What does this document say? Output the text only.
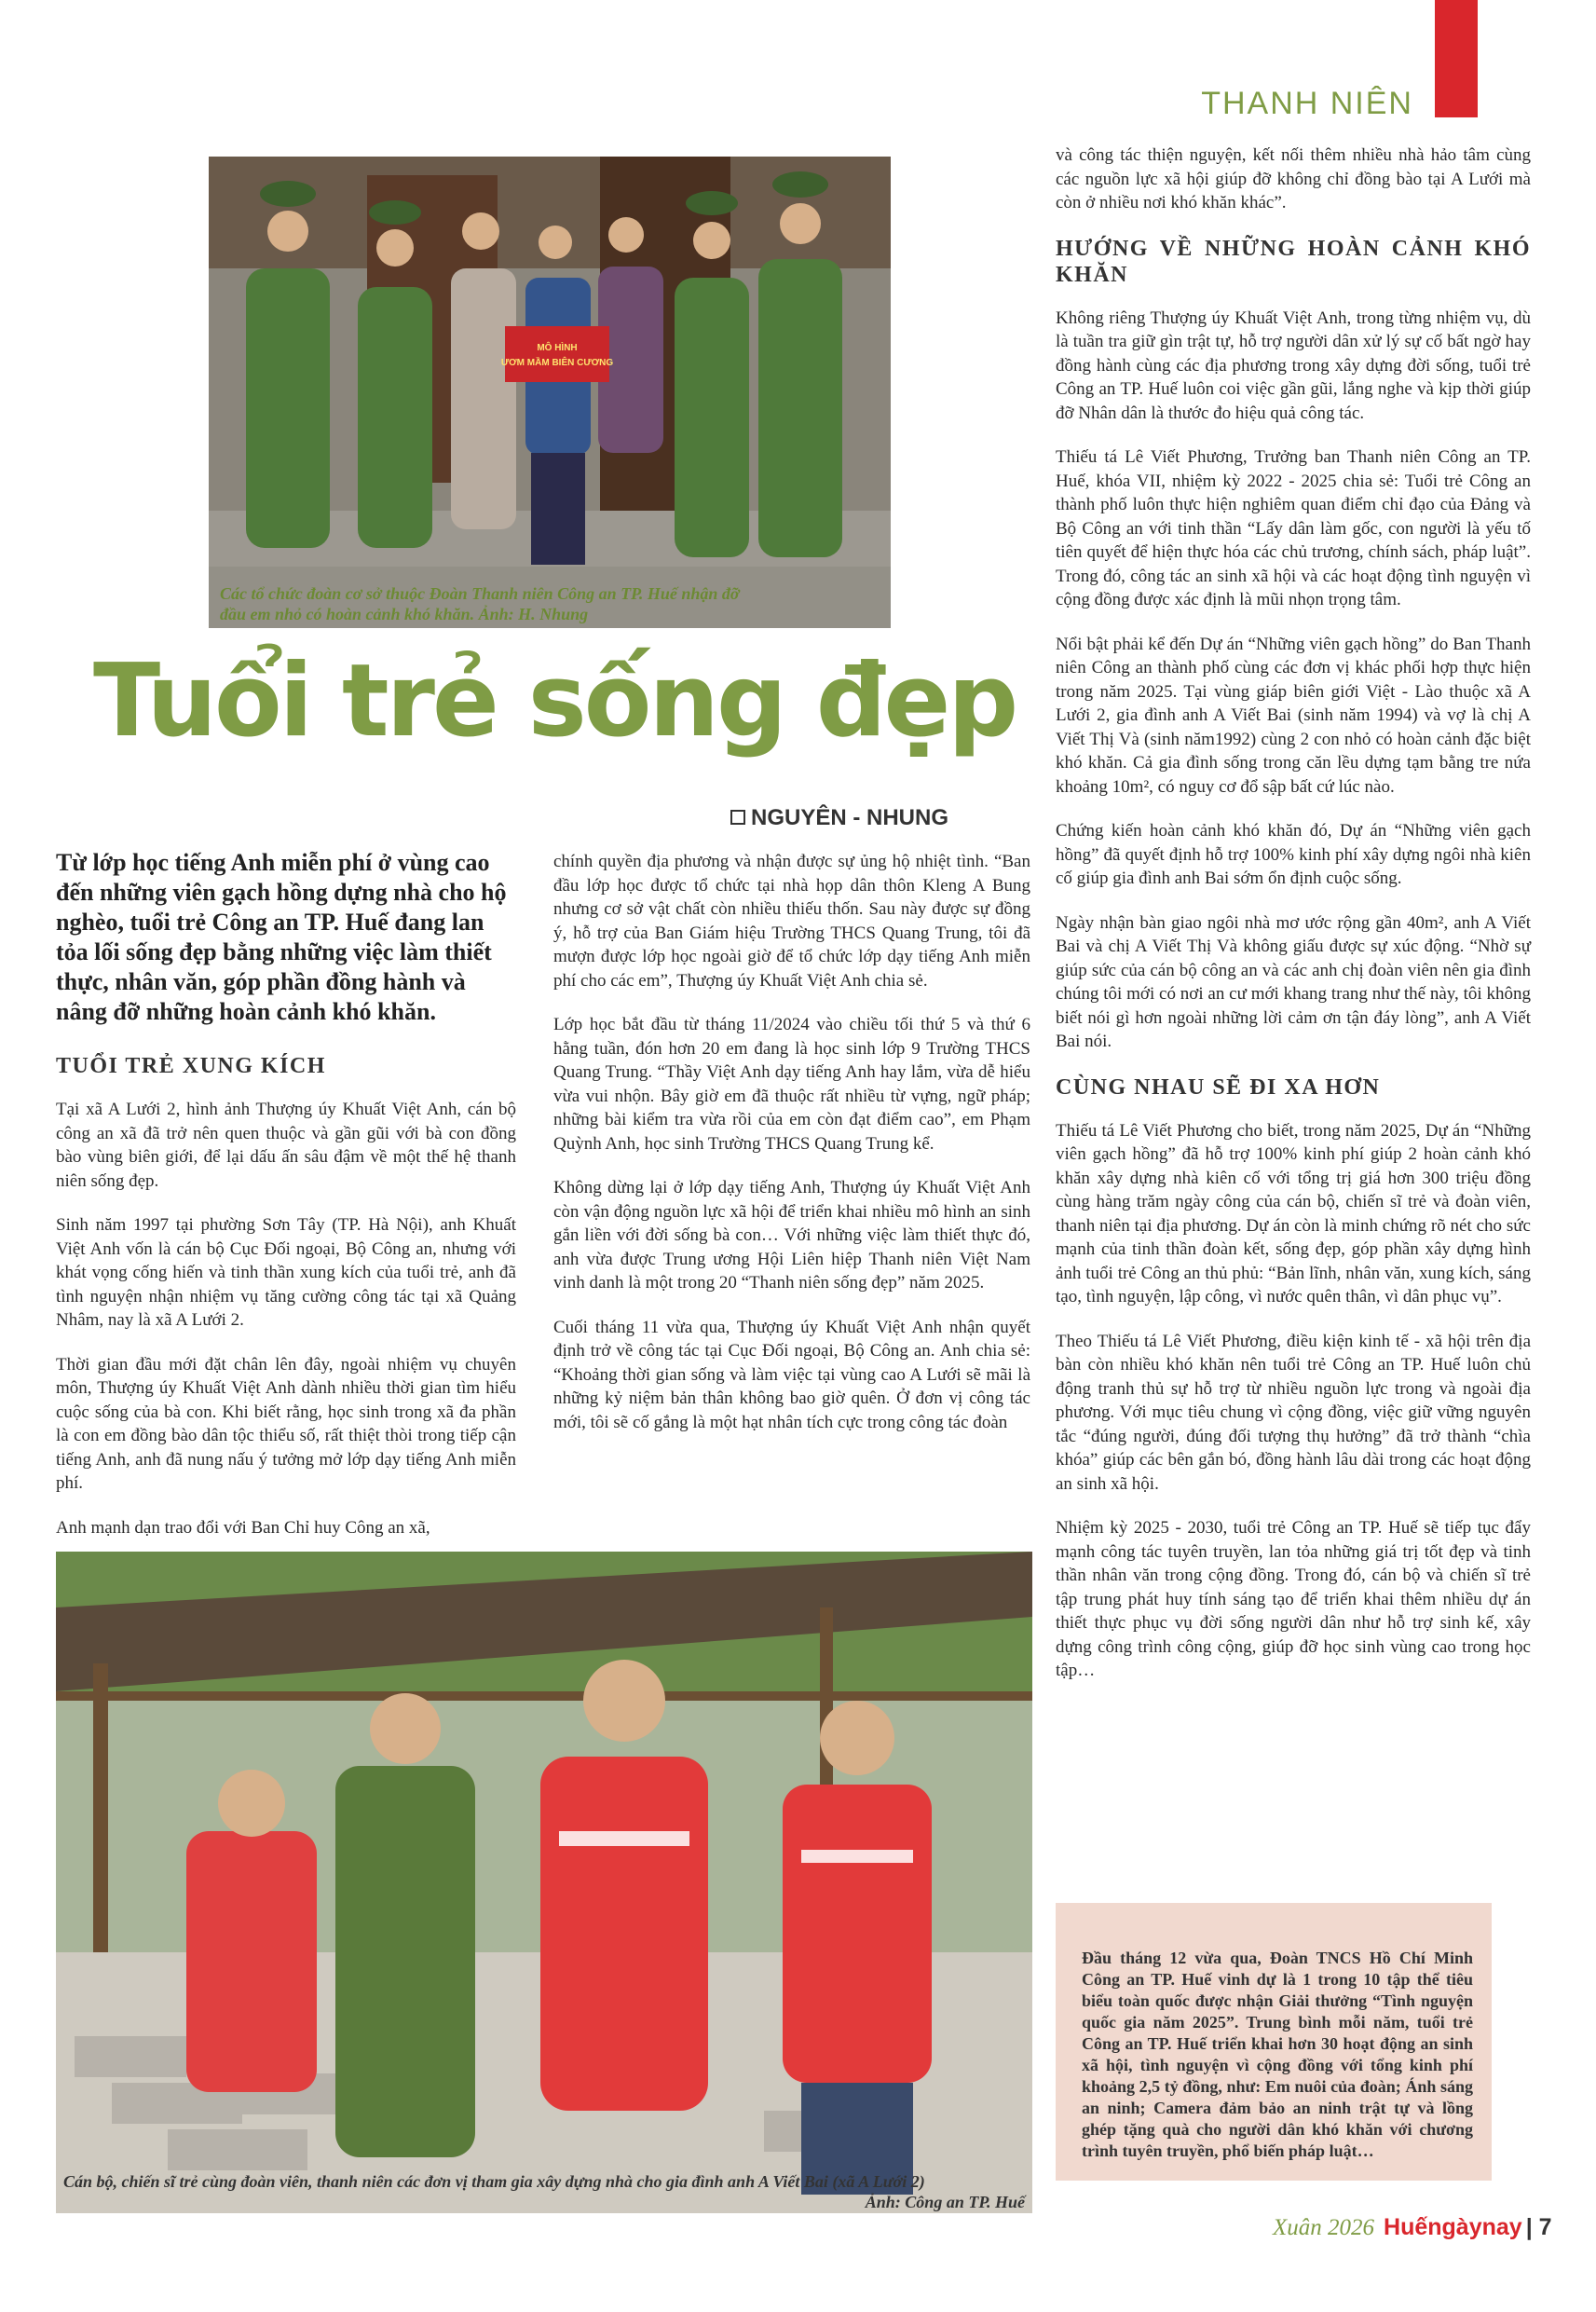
THANH NIÊN
MÔ HÌNH
ƯƠM MẦM BIÊN CƯƠNG
Các tổ chức đoàn cơ sở thuộc Đoàn Thanh niên Công an TP. Huế nhận đỡ đầu em nhỏ có hoàn cảnh khó khăn. Ảnh: H. Nhung
Tuổi trẻ sống đẹp
NGUYÊN - NHUNG
Từ lớp học tiếng Anh miễn phí ở vùng cao đến những viên gạch hồng dựng nhà cho hộ nghèo, tuổi trẻ Công an TP. Huế đang lan tỏa lối sống đẹp bằng những việc làm thiết thực, nhân văn, góp phần đồng hành và nâng đỡ những hoàn cảnh khó khăn.
TUỔI TRẺ XUNG KÍCH

Tại xã A Lưới 2, hình ảnh Thượng úy Khuất Việt Anh, cán bộ công an xã đã trở nên quen thuộc và gần gũi với bà con đồng bào vùng biên giới, để lại dấu ấn sâu đậm về một thế hệ thanh niên sống đẹp.

Sinh năm 1997 tại phường Sơn Tây (TP. Hà Nội), anh Khuất Việt Anh vốn là cán bộ Cục Đối ngoại, Bộ Công an, nhưng với khát vọng cống hiến và tinh thần xung kích của tuổi trẻ, anh đã tình nguyện nhận nhiệm vụ tăng cường công tác tại xã Quảng Nhâm, nay là xã A Lưới 2.

Thời gian đầu mới đặt chân lên đây, ngoài nhiệm vụ chuyên môn, Thượng úy Khuất Việt Anh dành nhiều thời gian tìm hiểu cuộc sống của bà con. Khi biết rằng, học sinh trong xã đa phần là con em đồng bào dân tộc thiểu số, rất thiệt thòi trong tiếp cận tiếng Anh, anh đã nung nấu ý tưởng mở lớp dạy tiếng Anh miễn phí.

Anh mạnh dạn trao đổi với Ban Chỉ huy Công an xã,

chính quyền địa phương và nhận được sự ủng hộ nhiệt tình. “Ban đầu lớp học được tổ chức tại nhà họp dân thôn Kleng A Bung nhưng cơ sở vật chất còn nhiều thiếu thốn. Sau này được sự đồng ý, hỗ trợ của Ban Giám hiệu Trường THCS Quang Trung, tôi đã mượn được lớp học ngoài giờ để tổ chức lớp dạy tiếng Anh miễn phí cho các em”, Thượng úy Khuất Việt Anh chia sẻ.

Lớp học bắt đầu từ tháng 11/2024 vào chiều tối thứ 5 và thứ 6 hằng tuần, đón hơn 20 em đang là học sinh lớp 9 Trường THCS Quang Trung. “Thầy Việt Anh dạy tiếng Anh hay lắm, vừa dễ hiểu vừa vui nhộn. Bây giờ em đã thuộc rất nhiều từ vựng, ngữ pháp; những bài kiểm tra vừa rồi của em còn đạt điểm cao”, em Phạm Quỳnh Anh, học sinh Trường THCS Quang Trung kể.

Không dừng lại ở lớp dạy tiếng Anh, Thượng úy Khuất Việt Anh còn vận động nguồn lực xã hội để triển khai nhiều mô hình an sinh gắn liền với đời sống bà con… Với những việc làm thiết thực đó, anh vừa được Trung ương Hội Liên hiệp Thanh niên Việt Nam vinh danh là một trong 20 “Thanh niên sống đẹp” năm 2025.

Cuối tháng 11 vừa qua, Thượng úy Khuất Việt Anh nhận quyết định trở về công tác tại Cục Đối ngoại, Bộ Công an. Anh chia sẻ: “Khoảng thời gian sống và làm việc tại vùng cao A Lưới sẽ mãi là những kỷ niệm bản thân không bao giờ quên. Ở đơn vị công tác mới, tôi sẽ cố gắng là một hạt nhân tích cực trong công tác đoàn

và công tác thiện nguyện, kết nối thêm nhiều nhà hảo tâm cùng các nguồn lực xã hội giúp đỡ không chỉ đồng bào tại A Lưới mà còn ở nhiều nơi khó khăn khác”.

HƯỚNG VỀ NHỮNG HOÀN CẢNH KHÓ KHĂN

Không riêng Thượng úy Khuất Việt Anh, trong từng nhiệm vụ, dù là tuần tra giữ gìn trật tự, hỗ trợ người dân xử lý sự cố bất ngờ hay đồng hành cùng các địa phương trong xây dựng đời sống, tuổi trẻ Công an TP. Huế luôn coi việc gần gũi, lắng nghe và kịp thời giúp đỡ Nhân dân là thước đo hiệu quả công tác.

Thiếu tá Lê Viết Phương, Trưởng ban Thanh niên Công an TP. Huế, khóa VII, nhiệm kỳ 2022 - 2025 chia sẻ: Tuổi trẻ Công an thành phố luôn thực hiện nghiêm quan điểm chỉ đạo của Đảng và Bộ Công an với tinh thần “Lấy dân làm gốc, con người là yếu tố tiên quyết để hiện thực hóa các chủ trương, chính sách, pháp luật”. Trong đó, công tác an sinh xã hội và các hoạt động tình nguyện vì cộng đồng được xác định là mũi nhọn trọng tâm.

Nổi bật phải kể đến Dự án “Những viên gạch hồng” do Ban Thanh niên Công an thành phố cùng các đơn vị khác phối hợp thực hiện trong năm 2025. Tại vùng giáp biên giới Việt - Lào thuộc xã A Lưới 2, gia đình anh A Viết Bai (sinh năm 1994) và vợ là chị A Viết Thị Và (sinh năm1992) cùng 2 con nhỏ có hoàn cảnh đặc biệt khó khăn. Cả gia đình sống trong căn lều dựng tạm bằng tre nứa khoảng 10m², có nguy cơ đổ sập bất cứ lúc nào.

Chứng kiến hoàn cảnh khó khăn đó, Dự án “Những viên gạch hồng” đã quyết định hỗ trợ 100% kinh phí xây dựng ngôi nhà kiên cố giúp gia đình anh Bai sớm ổn định cuộc sống.

Ngày nhận bàn giao ngôi nhà mơ ước rộng gần 40m², anh A Viết Bai và chị A Viết Thị Và không giấu được sự xúc động. “Nhờ sự giúp sức của cán bộ công an và các anh chị đoàn viên nên gia đình chúng tôi mới có nơi an cư mới khang trang như thế này, tôi không biết nói gì hơn ngoài những lời cảm ơn tận đáy lòng”, anh A Viết Bai nói.

CÙNG NHAU SẼ ĐI XA HƠN

Thiếu tá Lê Viết Phương cho biết, trong năm 2025, Dự án “Những viên gạch hồng” đã hỗ trợ 100% kinh phí giúp 2 hoàn cảnh khó khăn xây dựng nhà kiên cố với tổng trị giá hơn 300 triệu đồng cùng hàng trăm ngày công của cán bộ, chiến sĩ trẻ và đoàn viên, thanh niên tại địa phương. Dự án còn là minh chứng rõ nét cho sức mạnh của tinh thần đoàn kết, sống đẹp, góp phần xây dựng hình ảnh tuổi trẻ Công an thủ phủ: “Bản lĩnh, nhân văn, xung kích, sáng tạo, tình nguyện, lập công, vì nước quên thân, vì dân phục vụ”.

Theo Thiếu tá Lê Viết Phương, điều kiện kinh tế - xã hội trên địa bàn còn nhiều khó khăn nên tuổi trẻ Công an TP. Huế luôn chủ động tranh thủ sự hỗ trợ từ nhiều nguồn lực trong và ngoài địa phương. Với mục tiêu chung vì cộng đồng, việc giữ vững nguyên tắc “đúng người, đúng đối tượng thụ hưởng” đã trở thành “chìa khóa” giúp các bên gắn bó, đồng hành lâu dài trong các hoạt động an sinh xã hội.

Nhiệm kỳ 2025 - 2030, tuổi trẻ Công an TP. Huế sẽ tiếp tục đẩy mạnh công tác tuyên truyền, lan tỏa những giá trị tốt đẹp và tinh thần nhân văn trong cộng đồng. Trong đó, cán bộ và chiến sĩ trẻ tập trung phát huy tính sáng tạo để triển khai thêm nhiều dự án thiết thực phục vụ đời sống người dân như hỗ trợ sinh kế, xây dựng công trình công cộng, giúp đỡ học sinh vùng cao trong học tập…

Cán bộ, chiến sĩ trẻ cùng đoàn viên, thanh niên các đơn vị tham gia xây dựng nhà cho gia đình anh A Viết Bai (xã A Lưới 2)
Ảnh: Công an TP. Huế

Đầu tháng 12 vừa qua, Đoàn TNCS Hồ Chí Minh Công an TP. Huế vinh dự là 1 trong 10 tập thể tiêu biểu toàn quốc được nhận Giải thưởng “Tình nguyện quốc gia năm 2025”. Trung bình mỗi năm, tuổi trẻ Công an TP. Huế triển khai hơn 30 hoạt động an sinh xã hội, tình nguyện vì cộng đồng với tổng kinh phí khoảng 2,5 tỷ đồng, như: Em nuôi của đoàn; Ánh sáng an ninh; Camera đảm bảo an ninh trật tự và lồng ghép tặng quà cho người dân khó khăn với chương trình tuyên truyền, phổ biến pháp luật…

Xuân 2026 Huếngàynay | 7
